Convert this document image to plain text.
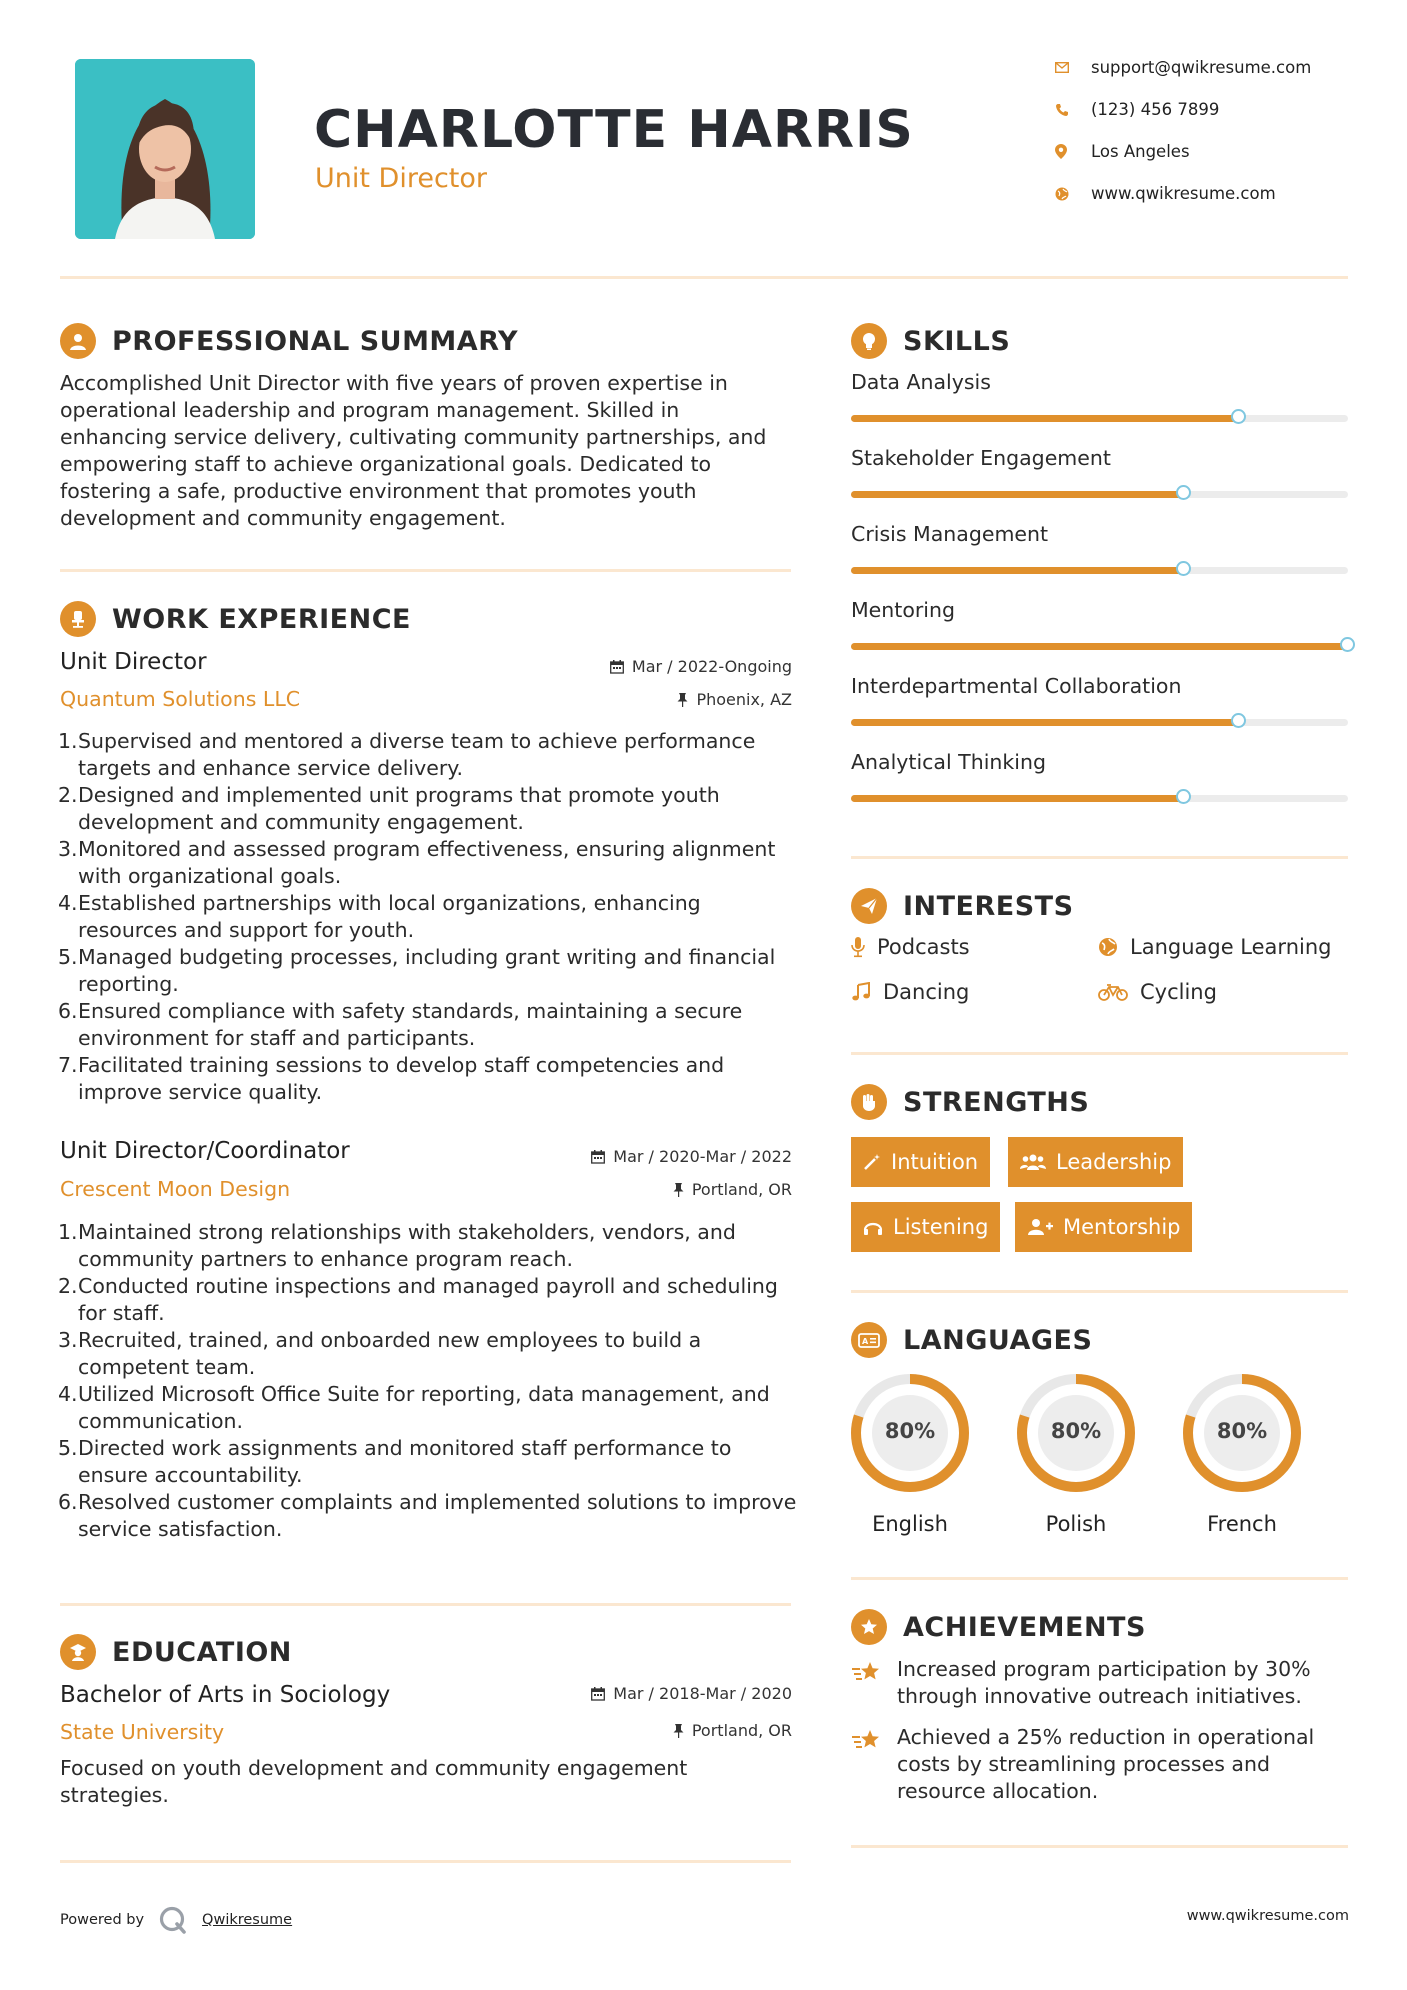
CHARLOTTE HARRIS
Unit Director
support@qwikresume.com
(123) 456 7899
Los Angeles
www.qwikresume.com
PROFESSIONAL SUMMARY
Accomplished Unit Director with five years of proven expertise in operational leadership and program management. Skilled in enhancing service delivery, cultivating community partnerships, and empowering staff to achieve organizational goals. Dedicated to fostering a safe, productive environment that promotes youth development and community engagement.
WORK EXPERIENCE
Unit Director	Mar / 2022-Ongoing
Quantum Solutions LLC	Phoenix, AZ
Supervised and mentored a diverse team to achieve performance targets and enhance service delivery.
Designed and implemented unit programs that promote youth development and community engagement.
Monitored and assessed program effectiveness, ensuring alignment with organizational goals.
Established partnerships with local organizations, enhancing resources and support for youth.
Managed budgeting processes, including grant writing and financial reporting.
Ensured compliance with safety standards, maintaining a secure environment for staff and participants.
Facilitated training sessions to develop staff competencies and improve service quality.
Unit Director/Coordinator	Mar / 2020-Mar / 2022
Crescent Moon Design	Portland, OR
Maintained strong relationships with stakeholders, vendors, and community partners to enhance program reach.
Conducted routine inspections and managed payroll and scheduling for staff.
Recruited, trained, and onboarded new employees to build a competent team.
Utilized Microsoft Office Suite for reporting, data management, and communication.
Directed work assignments and monitored staff performance to ensure accountability.
Resolved customer complaints and implemented solutions to improve service satisfaction.
EDUCATION
Bachelor of Arts in Sociology	Mar / 2018-Mar / 2020
State University	Portland, OR
Focused on youth development and community engagement strategies.
SKILLS
Data Analysis
Stakeholder Engagement
Crisis Management
Mentoring
Interdepartmental Collaboration
Analytical Thinking
INTERESTS
Podcasts	Language Learning
Dancing	Cycling
STRENGTHS
Intuition	Leadership
Listening	Mentorship
A LANGUAGES
80%
English
80%
Polish
80%
French
ACHIEVEMENTS
Increased program participation by 30% through innovative outreach initiatives.
Achieved a 25% reduction in operational costs by streamlining processes and resource allocation.
Powered by	Qwikresume	www.qwikresume.com
